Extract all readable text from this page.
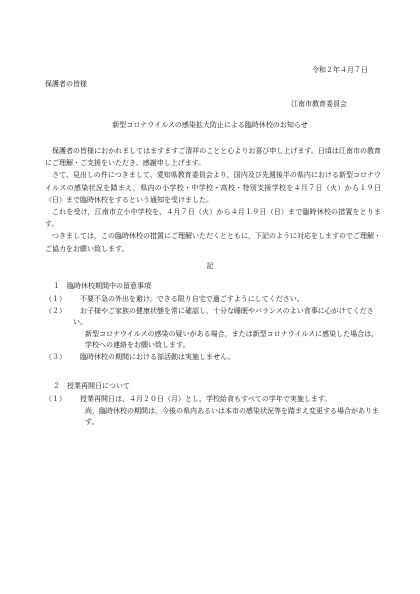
令和２年４月７日
保護者の皆様
江南市教育委員会
新型コロナウイルスの感染拡大防止による臨時休校のお知らせ

保護者の皆様におかれましてはますますご清祥のことと心よりお喜び申し上げます。日頃は江南市の教育にご理解・ご支援をいただき、感謝申し上げます。

さて、見出しの件につきまして、愛知県教育委員会より，国内及び先週後半の県内における新型コロナウイルスの感染状況を踏まえ，県内の小学校・中学校・高校・特別支援学校を４月７日（火）から１９日（日）まで臨時休校をするという通知を受けました。

これを受け，江南市立小中学校を，４月７日（火）から４月１９日（日）まで臨時休校の措置をとります。

つきましては，この臨時休校の措置にご理解いただくとともに，下記のように対応をしますのでご理解・ご協力をお願い致します。

記
１　臨時休校期間中の留意事項
（１）	不要不急の外出を避け，できる限り自宅で過ごすようにしてください。
（２）	お子様やご家族の健康状態を常に確認し，十分な睡眠やバランスのよい食事に心がけてください。

新型コロナウイルスの感染の疑いがある場合，または新型コロナウイルスに感染した場合は，学校への連絡をお願い致します。

（３）	臨時休校の期間における部活動は実施しません。
２　授業再開日について
（１）	授業再開日は，４月２０日（月）とし，学校給食もすべての学年で実施します。

尚，臨時休校の期間は，今後の県内あるいは本市の感染状況等を踏まえ変更する場合があります。
